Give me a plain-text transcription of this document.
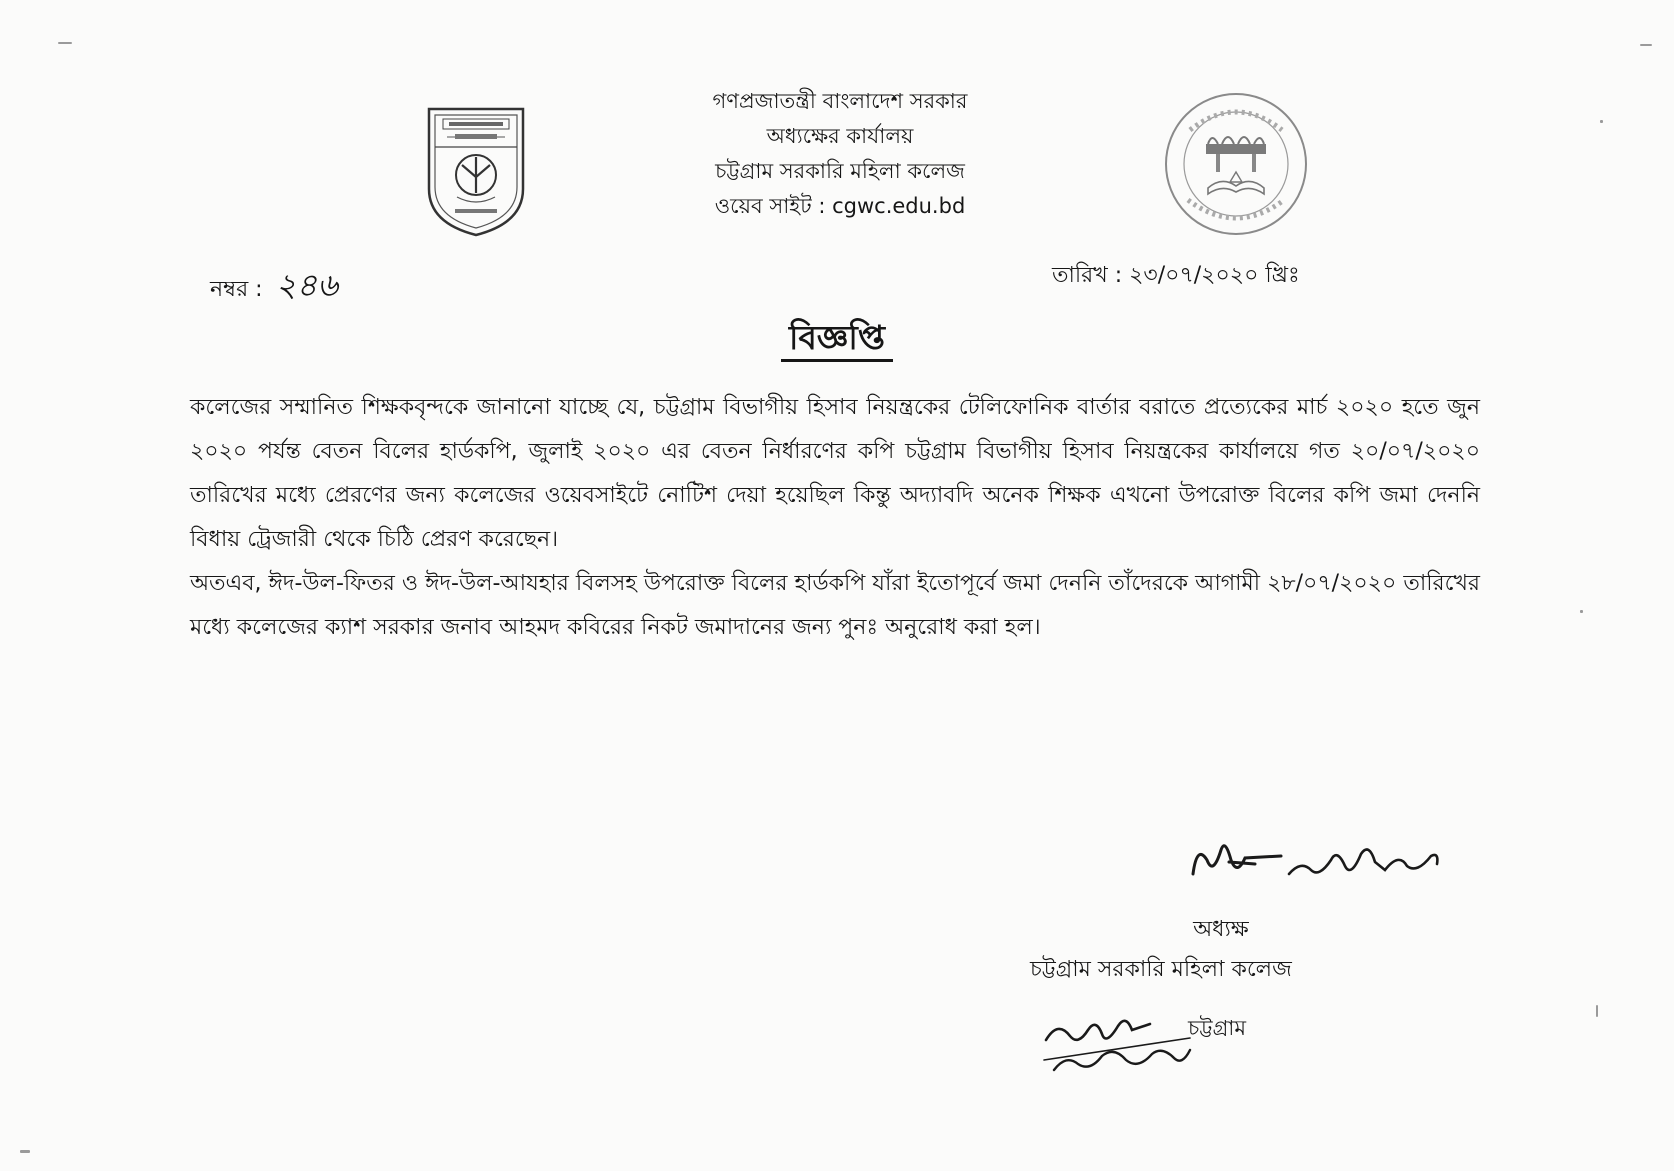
গণপ্রজাতন্ত্রী বাংলাদেশ সরকার
অধ্যক্ষের কার্যালয়
চট্টগ্রাম সরকারি মহিলা কলেজ
ওয়েব সাইট : cgwc.edu.bd
নম্বর : ২৪৬	তারিখ : ২৩/০৭/২০২০ খ্রিঃ
বিজ্ঞপ্তি

কলেজের সম্মানিত শিক্ষকবৃন্দকে জানানো যাচ্ছে যে, চট্টগ্রাম বিভাগীয় হিসাব নিয়ন্ত্রকের টেলিফোনিক বার্তার বরাতে প্রত্যেকের মার্চ ২০২০ হতে জুন ২০২০ পর্যন্ত বেতন বিলের হার্ডকপি, জুলাই ২০২০ এর বেতন নির্ধারণের কপি চট্টগ্রাম বিভাগীয় হিসাব নিয়ন্ত্রকের কার্যালয়ে গত ২০/০৭/২০২০ তারিখের মধ্যে প্রেরণের জন্য কলেজের ওয়েবসাইটে নোটিশ দেয়া হয়েছিল কিন্তু অদ্যাবদি অনেক শিক্ষক এখনো উপরোক্ত বিলের কপি জমা দেননি বিধায় ট্রেজারী থেকে চিঠি প্রেরণ করেছেন।

অতএব, ঈদ-উল-ফিতর ও ঈদ-উল-আযহার বিলসহ উপরোক্ত বিলের হার্ডকপি যাঁরা ইতোপূর্বে জমা দেননি তাঁদেরকে আগামী ২৮/০৭/২০২০ তারিখের মধ্যে কলেজের ক্যাশ সরকার জনাব আহমদ কবিরের নিকট জমাদানের জন্য পুনঃ অনুরোধ করা হল।

অধ্যক্ষ
চট্টগ্রাম সরকারি মহিলা কলেজ
চট্টগ্রাম
